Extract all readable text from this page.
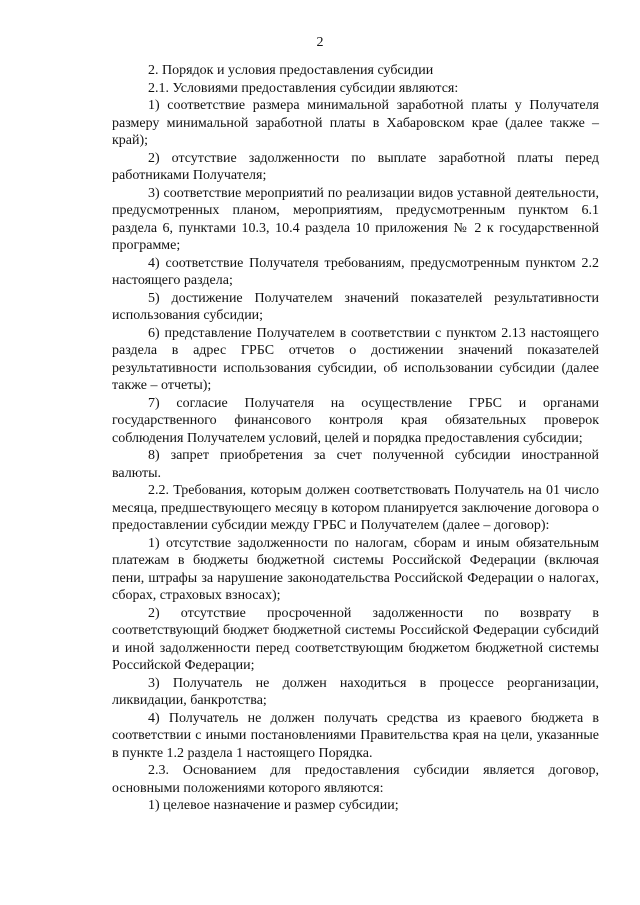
2

2. Порядок и условия предоставления субсидии

2.1. Условиями предоставления субсидии являются:

1) соответствие размера минимальной заработной платы у Получателя размеру минимальной заработной платы в Хабаровском крае (далее также – край);

2) отсутствие задолженности по выплате заработной платы перед работниками Получателя;

3) соответствие мероприятий по реализации видов уставной деятельности, предусмотренных планом, мероприятиям, предусмотренным пунктом 6.1 раздела 6, пунктами 10.3, 10.4 раздела 10 приложения № 2 к государственной программе;

4) соответствие Получателя требованиям, предусмотренным пунктом 2.2 настоящего раздела;

5) достижение Получателем значений показателей результативности использования субсидии;

6) представление Получателем в соответствии с пунктом 2.13 настоящего раздела в адрес ГРБС отчетов о достижении значений показателей результативности использования субсидии, об использовании субсидии (далее также – отчеты);

7) согласие Получателя на осуществление ГРБС и органами государственного финансового контроля края обязательных проверок соблюдения Получателем условий, целей и порядка предоставления субсидии;

8) запрет приобретения за счет полученной субсидии иностранной валюты.

2.2. Требования, которым должен соответствовать Получатель на 01 число месяца, предшествующего месяцу в котором планируется заключение договора о предоставлении субсидии между ГРБС и Получателем (далее – договор):

1) отсутствие задолженности по налогам, сборам и иным обязательным платежам в бюджеты бюджетной системы Российской Федерации (включая пени, штрафы за нарушение законодательства Российской Федерации о налогах, сборах, страховых взносах);

2) отсутствие просроченной задолженности по возврату в соответствующий бюджет бюджетной системы Российской Федерации субсидий и иной задолженности перед соответствующим бюджетом бюджетной системы Российской Федерации;

3) Получатель не должен находиться в процессе реорганизации, ликвидации, банкротства;

4) Получатель не должен получать средства из краевого бюджета в соответствии с иными постановлениями Правительства края на цели, указанные в пункте 1.2 раздела 1 настоящего Порядка.

2.3. Основанием для предоставления субсидии является договор, основными положениями которого являются:

1) целевое назначение и размер субсидии;
